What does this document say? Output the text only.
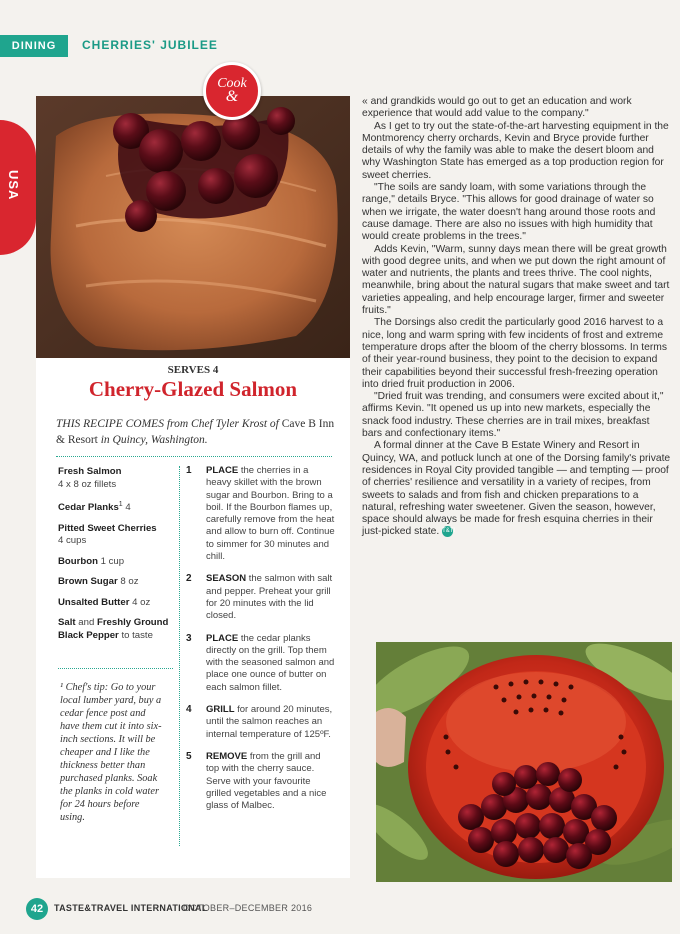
DINING	CHERRIES' JUBILEE
USA
Cook
&
SERVES 4
Cherry-Glazed Salmon
THIS RECIPE COMES from Chef Tyler Krost of Cave B Inn & Resort in Quincy, Washington.
Fresh Salmon
4 x 8 oz fillets
Cedar Planks$^1$ 4
Pitted Sweet Cherries
4 cups
Bourbon 1 cup
Brown Sugar 8 oz
Unsalted Butter 4 oz
Salt and Freshly Ground Black Pepper to taste
¹ Chef's tip: Go to your local lumber yard, buy a cedar fence post and have them cut it into six-inch sections. It will be cheaper and I like the thickness better than purchased planks. Soak the planks in cold water for 24 hours before using.
1 PLACE the cherries in a heavy skillet with the brown sugar and Bourbon. Bring to a boil. If the Bourbon flames up, carefully remove from the heat and allow to burn off. Continue to simmer for 30 minutes and chill.
2 SEASON the salmon with salt and pepper. Preheat your grill for 20 minutes with the lid closed.
3 PLACE the cedar planks directly on the grill. Top them with the seasoned salmon and place one ounce of butter on each salmon fillet.
4 GRILL for around 20 minutes, until the salmon reaches an internal temperature of 125ºF.
5 REMOVE from the grill and top with the cherry sauce. Serve with your favourite grilled vegetables and a nice glass of Malbec.

« and grandkids would go out to get an education and work experience that would add value to the company."

As I get to try out the state-of-the-art harvesting equipment in the Montmorency cherry orchards, Kevin and Bryce provide further details of why the family was able to make the desert bloom and why Washington State has emerged as a top production region for sweet cherries.

"The soils are sandy loam, with some variations through the range," details Bryce. "This allows for good drainage of water so when we irrigate, the water doesn't hang around those roots and cause damage. There are also no issues with high humidity that would create problems in the trees."

Adds Kevin, "Warm, sunny days mean there will be great growth with good degree units, and when we put down the right amount of water and nutrients, the plants and trees thrive. The cool nights, meanwhile, bring about the natural sugars that make sweet and tart varieties appealing, and help encourage larger, firmer and sweeter fruits."

The Dorsings also credit the particularly good 2016 harvest to a nice, long and warm spring with few incidents of frost and extreme temperature drops after the bloom of the cherry blossoms. In terms of their year-round business, they point to the decision to expand their capabilities beyond their successful fresh-freezing operation into dried fruit production in 2006.

"Dried fruit was trending, and consumers were excited about it," affirms Kevin. "It opened us up into new markets, especially the snack food industry. These cherries are in trail mixes, breakfast bars and confectionary items."

A formal dinner at the Cave B Estate Winery and Resort in Quincy, WA, and potluck lunch at one of the Dorsing family's private residences in Royal City provided tangible — and tempting — proof of cherries' resilience and versatility in a variety of recipes, from sweets to salads and from fish and chicken preparations to a natural, refreshing water sweetener. Given the season, however, space should always be made for fresh esquina cherries in their just-picked state. T&TI

42	TASTE&TRAVEL INTERNATIONAL
OCTOBER–DECEMBER 2016
